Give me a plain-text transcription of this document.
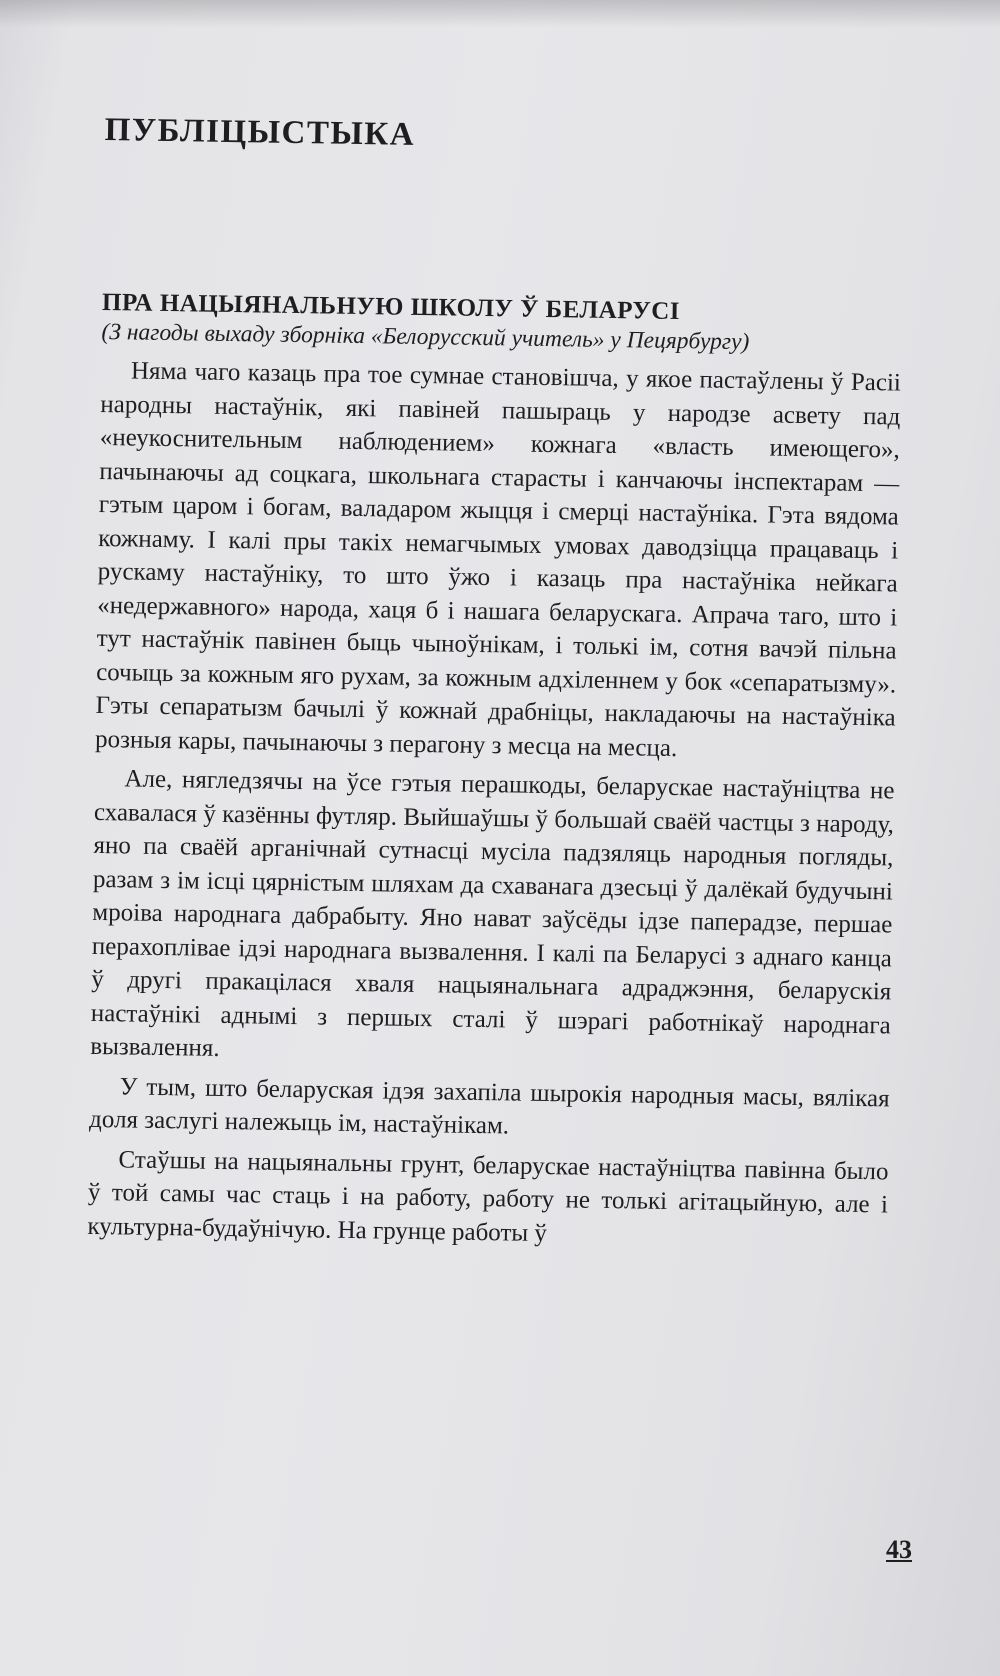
ПУБЛІЦЫСТЫКА
ПРА НАЦЫЯНАЛЬНУЮ ШКОЛУ Ў БЕЛАРУСІ
(З нагоды выхаду зборніка «Белорусский учитель» у Пецярбургу)

Няма чаго казаць пра тое сумнае становішча, у якое пастаўлены ў Расіі народны настаўнік, які павіней пашыраць у народзе асвету пад «неукоснительным наблюдением» кожнага «власть имеющего», пачынаючы ад соцкага, школьнага старасты і канчаючы інспектарам — гэтым царом і богам, валадаром жыцця і смерці настаўніка. Гэта вядома кожнаму. І калі пры такіх немагчымых умовах даводзіцца працаваць і рускаму настаўніку, то што ўжо і казаць пра настаўніка нейкага «недержавного» народа, хаця б і нашага беларускага. Апрача таго, што і тут настаўнік павінен быць чыноўнікам, і толькі ім, сотня вачэй пільна сочыць за кожным яго рухам, за кожным адхіленнем у бок «сепаратызму». Гэты сепаратызм бачылі ў кожнай драбніцы, накладаючы на настаўніка розныя кары, пачынаючы з перагону з месца на месца.

Але, нягледзячы на ўсе гэтыя перашкоды, беларускае настаўніцтва не схавалася ў казённы футляр. Выйшаўшы ў большай сваёй частцы з народу, яно па сваёй арганічнай сутнасці мусіла падзяляць народныя погляды, разам з ім ісці цярністым шляхам да схаванага дзесьці ў далёкай будучыні мроіва народнага дабрабыту. Яно нават заўсёды ідзе паперадзе, першае перахоплівае ідэі народнага вызвалення. І калі па Беларусі з аднаго канца ў другі пракацілася хваля нацыянальнага адраджэння, беларускія настаўнікі аднымі з першых сталі ў шэрагі работнікаў народнага вызвалення.

У тым, што беларуская ідэя захапіла шырокія народныя масы, вялікая доля заслугі належыць ім, настаўнікам.

Стаўшы на нацыянальны грунт, беларускае настаўніцтва павінна было ў той самы час стаць і на работу, работу не толькі агітацыйную, але і культурна-будаўнічую. На грунце работы ў

43
